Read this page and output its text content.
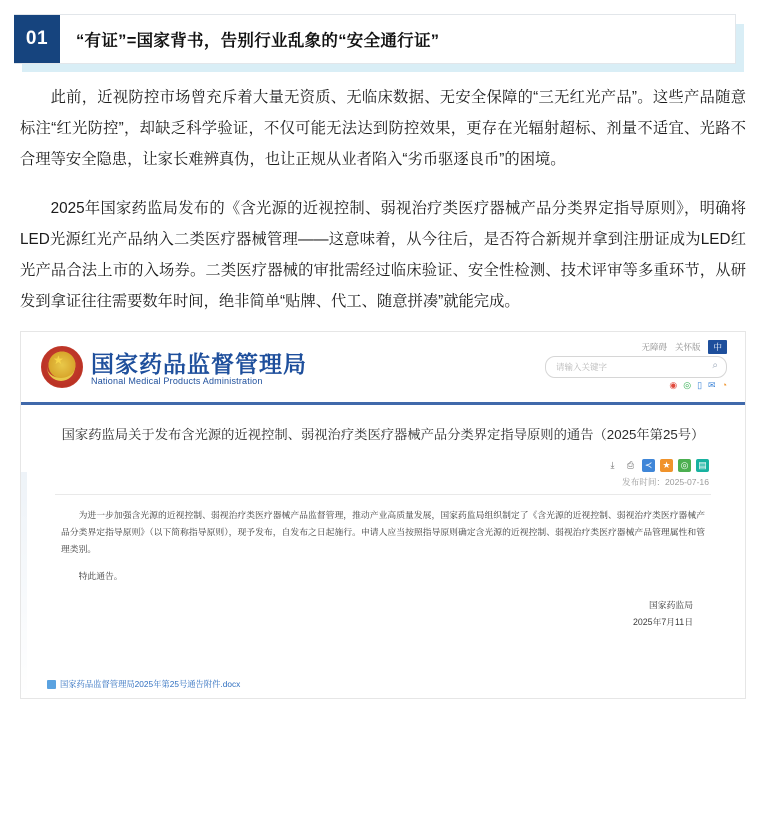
01	“有证”=国家背书，告别行业乱象的“安全通行证”

此前，近视防控市场曾充斥着大量无资质、无临床数据、无安全保障的“三无红光产品”。这些产品随意标注“红光防控”，却缺乏科学验证，不仅可能无法达到防控效果，更存在光辐射超标、剂量不适宜、光路不合理等安全隐患，让家长难辨真伪，也让正规从业者陷入“劣币驱逐良币”的困境。

2025年国家药监局发布的《含光源的近视控制、弱视治疗类医疗器械产品分类界定指导原则》，明确将LED光源红光产品纳入二类医疗器械管理——这意味着，从今往后，是否符合新规并拿到注册证成为LED红光产品合法上市的入场券。二类医疗器械的审批需经过临床验证、安全性检测、技术评审等多重环节，从研发到拿证往往需要数年时间，绝非简单“贴牌、代工、随意拼凑”就能完成。

★ 国家药品监督管理局
National Medical Products Administration
无障碍 关怀版	中
请输入关键字	⌕
◉ ◎ ▯ ✉ ◔
国家药监局关于发布含光源的近视控制、弱视治疗类医疗器械产品分类界定指导原则的通告（2025年第25号）
⤓	⎙	≺	★ ◎ ▤
发布时间：2025-07-16

为进一步加强含光源的近视控制、弱视治疗类医疗器械产品监督管理，推动产业高质量发展，国家药监局组织制定了《含光源的近视控制、弱视治疗类医疗器械产品分类界定指导原则》（以下简称指导原则），现予发布，自发布之日起施行。申请人应当按照指导原则确定含光源的近视控制、弱视治疗类医疗器械产品管理属性和管理类别。

特此通告。

国家药监局
2025年7月11日
国家药品监督管理局2025年第25号通告附件.docx
